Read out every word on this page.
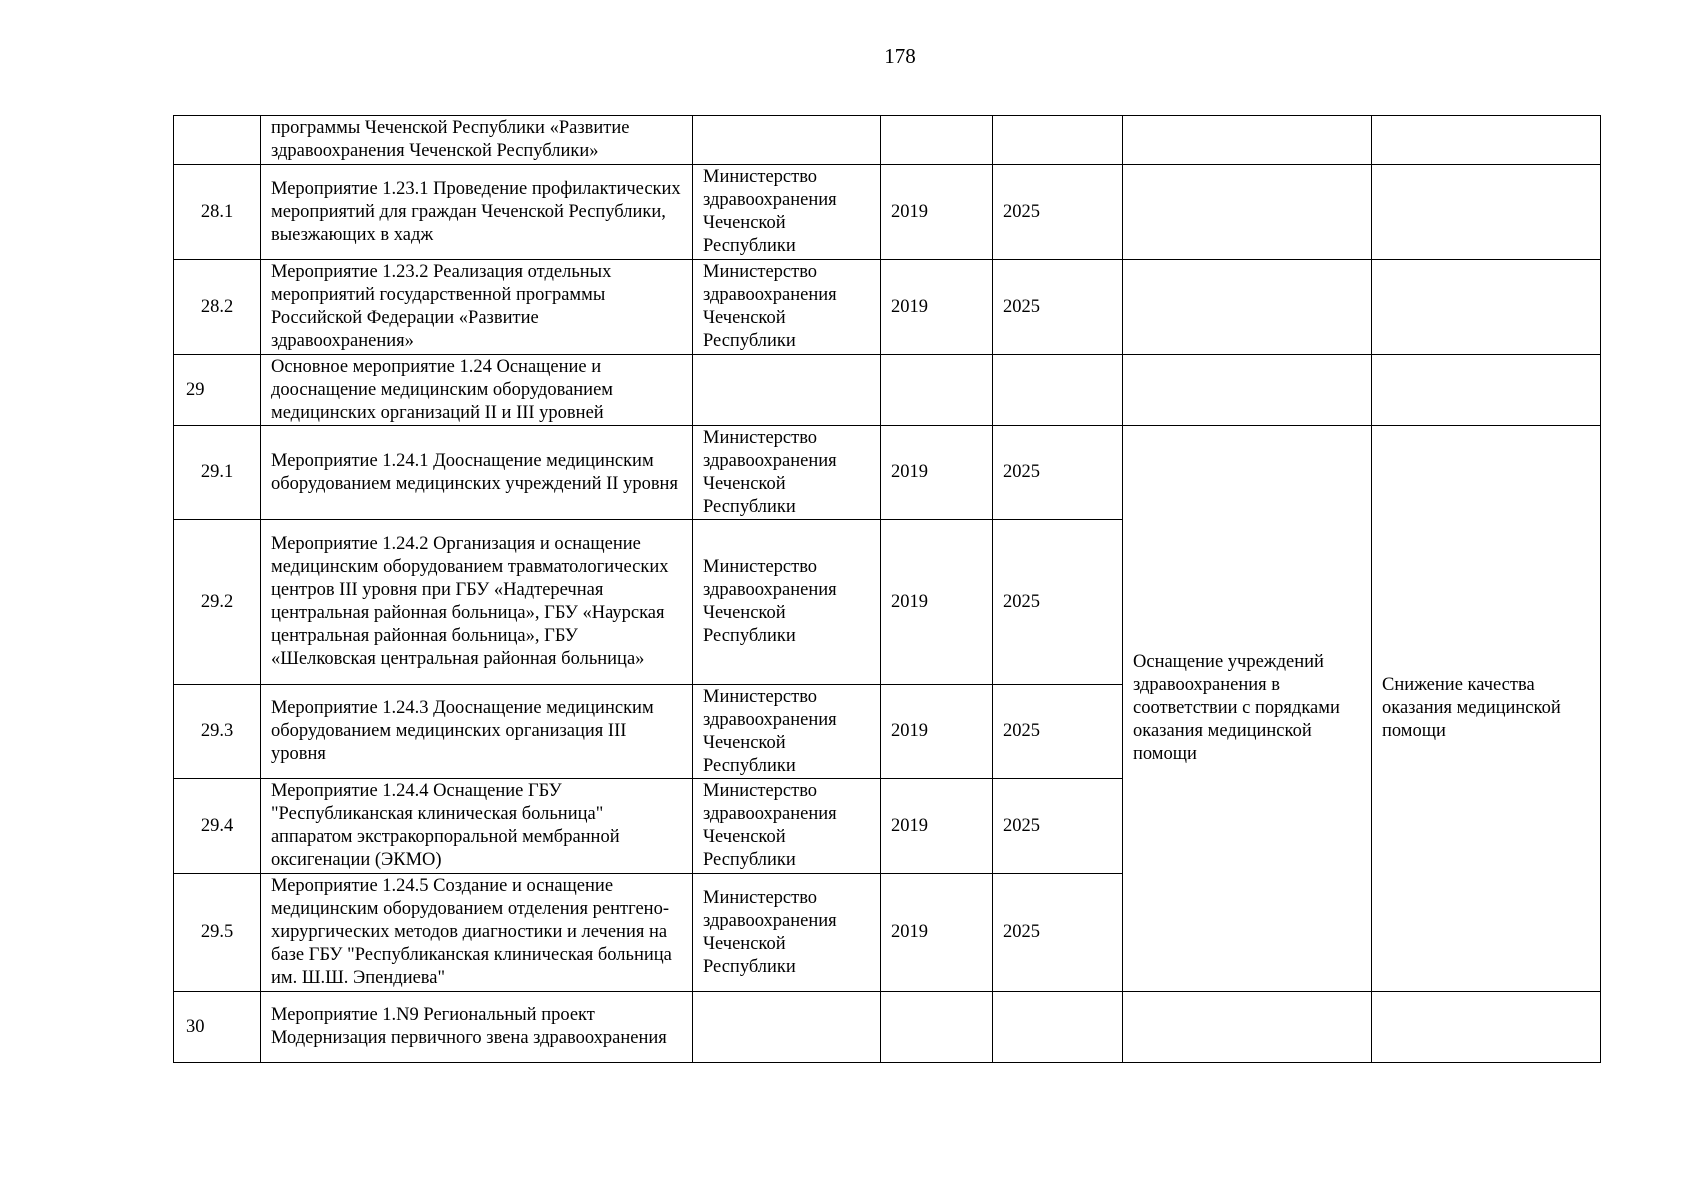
178
	программы Чеченской Республики «Развитие здравоохранения Чеченской Республики»					
28.1	Мероприятие 1.23.1 Проведение профилактических мероприятий для граждан Чеченской Республики, выезжающих в хадж	Министерство здравоохранения Чеченской Республики	2019	2025		
28.2	Мероприятие 1.23.2 Реализация отдельных мероприятий государственной программы Российской Федерации «Развитие здравоохранения»	Министерство здравоохранения Чеченской Республики	2019	2025		
29	Основное мероприятие 1.24 Оснащение и дооснащение медицинским оборудованием медицинских организаций II и III уровней					
29.1	Мероприятие 1.24.1 Дооснащение медицинским оборудованием медицинских учреждений II уровня	Министерство здравоохранения Чеченской Республики	2019	2025	Оснащение учреждений здравоохранения в соответствии с порядками оказания медицинской помощи	Снижение качества оказания медицинской помощи

29.2	Мероприятие 1.24.2 Организация и оснащение медицинским оборудованием травматологических центров III уровня при ГБУ «Надтеречная центральная районная больница», ГБУ «Наурская центральная районная больница», ГБУ «Шелковская центральная районная больница»	Министерство здравоохранения Чеченской Республики	2019	2025		
29.3	Мероприятие 1.24.3 Дооснащение медицинским оборудованием медицинских организация III уровня	Министерство здравоохранения Чеченской Республики	2019	2025		
29.4	Мероприятие 1.24.4 Оснащение ГБУ "Республиканская клиническая больница" аппаратом экстракорпоральной мембранной оксигенации (ЭКМО)	Министерство здравоохранения Чеченской Республики	2019	2025		
29.5	Мероприятие 1.24.5 Создание и оснащение медицинским оборудованием отделения рентгено-хирургических методов диагностики и лечения на базе ГБУ "Республиканская клиническая больница им. Ш.Ш. Эпендиева"	Министерство здравоохранения Чеченской Республики	2019	2025		
30	Мероприятие 1.N9 Региональный проект Модернизация первичного звена здравоохранения					
